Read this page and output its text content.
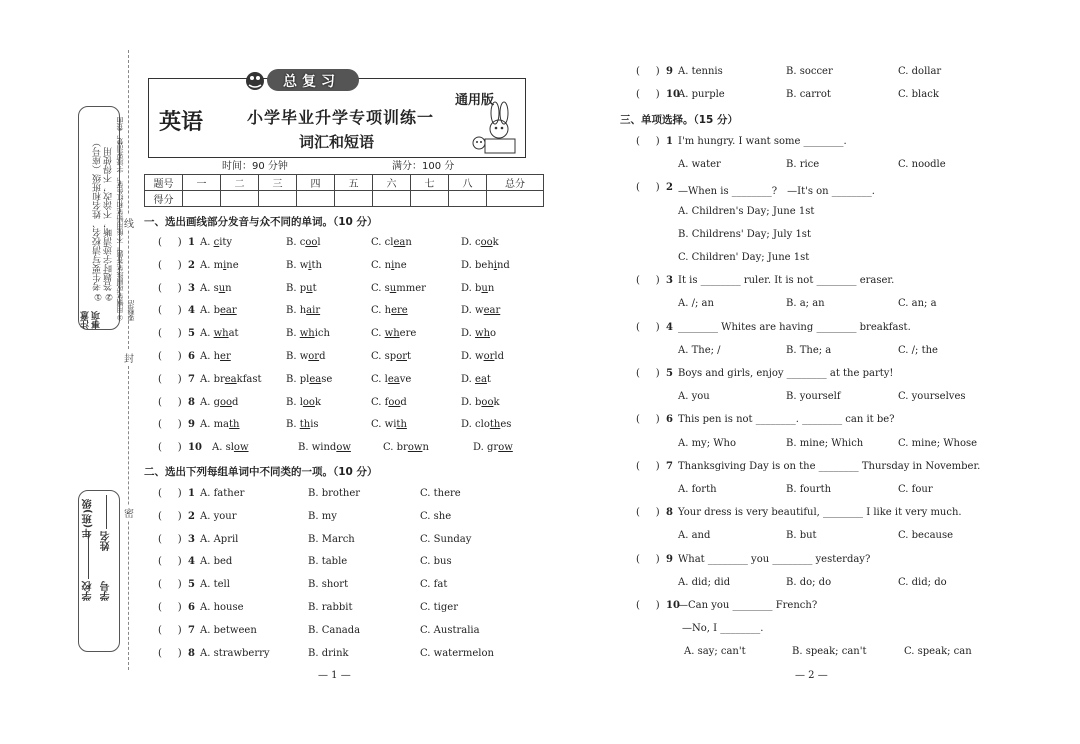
注意事项
①考生要写清校名、姓名和班级（座号） ②答题时字迹清晰，不涂改，不得使用 ③用钢笔或圆珠笔答题。不能用铅笔和红色笔，字迹要清楚，卷面要整洁
学校
年(班)级
学号
姓名
线
封
密
总复习
英语	小学毕业升学专项训练一
词汇和短语
通用版
时间：90 分钟	满分：100 分
题号	一	二	三	四	五	六	七	八	总分
得分									
一、选出画线部分发音与众不同的单词。（10 分）
(     ) 1 A. city	B. cool	C. clean	D. cook
(     ) 2 A. mine	B. with	C. nine	D. behind
(     ) 3 A. sun	B. put	C. summer	D. bun
(     ) 4 A. bear	B. hair	C. here	D. wear
(     ) 5 A. what	B. which	C. where	D. who
(     ) 6 A. her	B. word	C. sport	D. world
(     ) 7 A. breakfast B. please	C. leave	D. eat
(     ) 8 A. good	B. look	C. food	D. book
(     ) 9 A. math	B. this	C. with	D. clothes
(     ) 10 A. slow	B. window	C. brown	D. grow
二、选出下列每组单词中不同类的一项。（10 分）
(     ) 1 A. father	B. brother	C. there
(     ) 2 A. your	B. my	C. she
(     ) 3 A. April	B. March	C. Sunday
(     ) 4 A. bed	B. table	C. bus
(     ) 5 A. tell	B. short	C. fat
(     ) 6 A. house	B. rabbit	C. tiger
(     ) 7 A. between	B. Canada	C. Australia
(     ) 8 A. strawberry	B. drink	C. watermelon
(     ) 9 A. tennis	B. soccer	C. dollar
(     ) 10
A. purple	B. carrot	C. black
三、单项选择。（15 分）
(     ) 1 I'm hungry. I want some ________.
A. water	B. rice	C. noodle
(     ) 2 —When is ________?　—It's on ________.
A. Children's Day; June 1st
B. Childrens' Day; July 1st
C. Children' Day; June 1st
(     ) 3 It is ________ ruler. It is not ________ eraser.
A. /; an	B. a; an	C. an; a
(     ) 4 ________ Whites are having ________ breakfast.
A. The; /	B. The; a	C. /; the
(     ) 5 Boys and girls, enjoy ________ at the party!
A. you	B. yourself	C. yourselves
(     ) 6 This pen is not ________. ________ can it be?
A. my; Who	B. mine; Which	C. mine; Whose
(     ) 7 Thanksgiving Day is on the ________ Thursday in November.
A. forth	B. fourth	C. four
(     ) 8 Your dress is very beautiful, ________ I like it very much.
A. and	B. but	C. because
(     ) 9 What ________ you ________ yesterday?
A. did; did	B. do; do	C. did; do
(     ) 10
—Can you ________ French?
—No, I ________.
A. say; can't	B. speak; can't	C. speak; can
— 1 —	— 2 —
